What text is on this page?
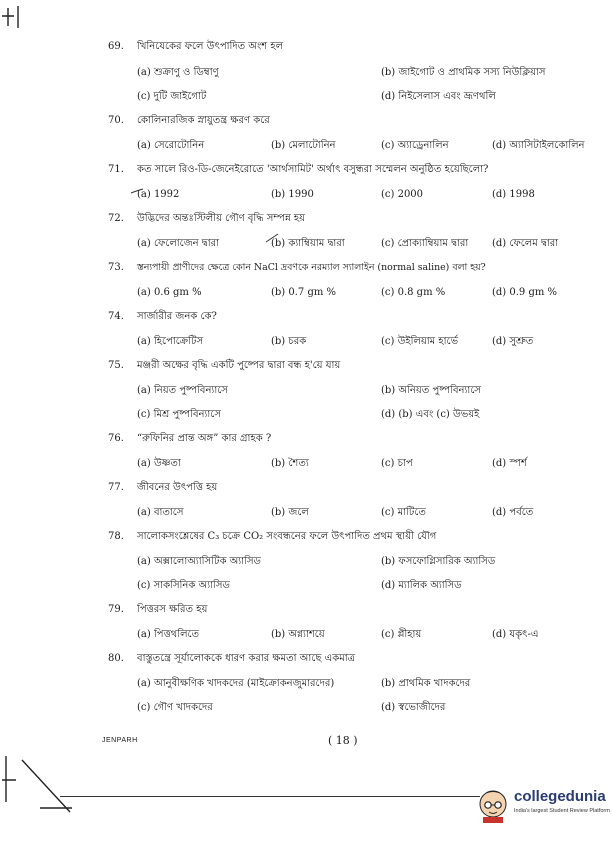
69.	খিনিযেকের ফলে উৎপাদিত অংশ হল
(a) শুক্রাণু ও ডিম্বাণু	(b) জাইগোট ও প্রাথমিক সস্য নিউক্লিয়াস
(c) দুটি জাইগোট	(d) নিইসেলাস এবং ভ্রূণথলি
70.	কোলিনারজিক স্নায়ুতন্ত্র ক্ষরণ করে
(a) সেরোটোনিন	(b) মেলাটোনিন	(c) অ্যাড্রেনালিন	(d) অ্যাসিটাইলকোলিন
71.	কত সালে রিও-ডি-জেনেইরোতে 'আর্থসামিট' অর্থাৎ বসুন্ধরা সম্মেলন অনুষ্ঠিত হয়েছিলো?
(a) 1992	(b) 1990	(c) 2000	(d) 1998
72.	উদ্ভিদের অন্তঃস্টিলীয় গৌণ বৃদ্ধি সম্পন্ন হয়
(a) ফেলোজেন দ্বারা	(b) ক্যাম্বিয়াম দ্বারা	(c) প্রোক্যাম্বিয়াম দ্বারা (d) ফেলেম দ্বারা
73.	স্তন্যপায়ী প্রাণীদের ক্ষেত্রে কোন NaCl দ্রবণকে নরম্যাল স্যালাইন (normal saline) বলা হয়?
(a) 0.6 gm %	(b) 0.7 gm %	(c) 0.8 gm %	(d) 0.9 gm %
74.	সার্জারীর জনক কে?
(a) হিপোক্রেটিস	(b) চরক	(c) উইলিয়াম হার্ভে	(d) সুশ্রুত
75.	মঞ্জরী অক্ষের বৃদ্ধি একটি পুষ্পের দ্বারা বন্ধ হ'য়ে যায়
(a) নিয়ত পুষ্পবিন্যাসে	(b) অনিয়ত পুষ্পবিন্যাসে
(c) মিশ্র পুষ্পবিন্যাসে	(d) (b) এবং (c) উভয়ই
76.	“রুফিনির প্রান্ত অঙ্গ” কার গ্রাহক ?
(a) উষ্ণতা	(b) শৈত্য	(c) চাপ	(d) স্পর্শ
77.	জীবনের উৎপত্তি হয়
(a) বাতাসে	(b) জলে	(c) মাটিতে	(d) পর্বতে
78.	সালোকসংশ্লেষের C₃ চক্রে CO₂ সংবন্ধনের ফলে উৎপাদিত প্রথম স্থায়ী যৌগ
(a) অক্সালোঅ্যাসিটিক অ্যাসিড	(b) ফসফোগ্লিসারিক অ্যাসিড
(c) সাকসিনিক অ্যাসিড	(d) ম্যালিক অ্যাসিড
79.	পিত্তরস ক্ষরিত হয়
(a) পিত্তথলিতে	(b) অগ্ন্যাশয়ে	(c) প্লীহায়	(d) যকৃৎ-এ
80.	বাস্তুতন্ত্রে সূর্যালোককে ধারণ করার ক্ষমতা আছে একমাত্র
(a) আনুবীক্ষণিক খাদকদের (মাইক্রোকনজুমারদের)	(b) প্রাথমিক খাদকদের
(c) গৌণ খাদকদের	(d) স্বভোজীদের
JENPARH	( 18 )
collegedunia
India's largest Student Review Platform
